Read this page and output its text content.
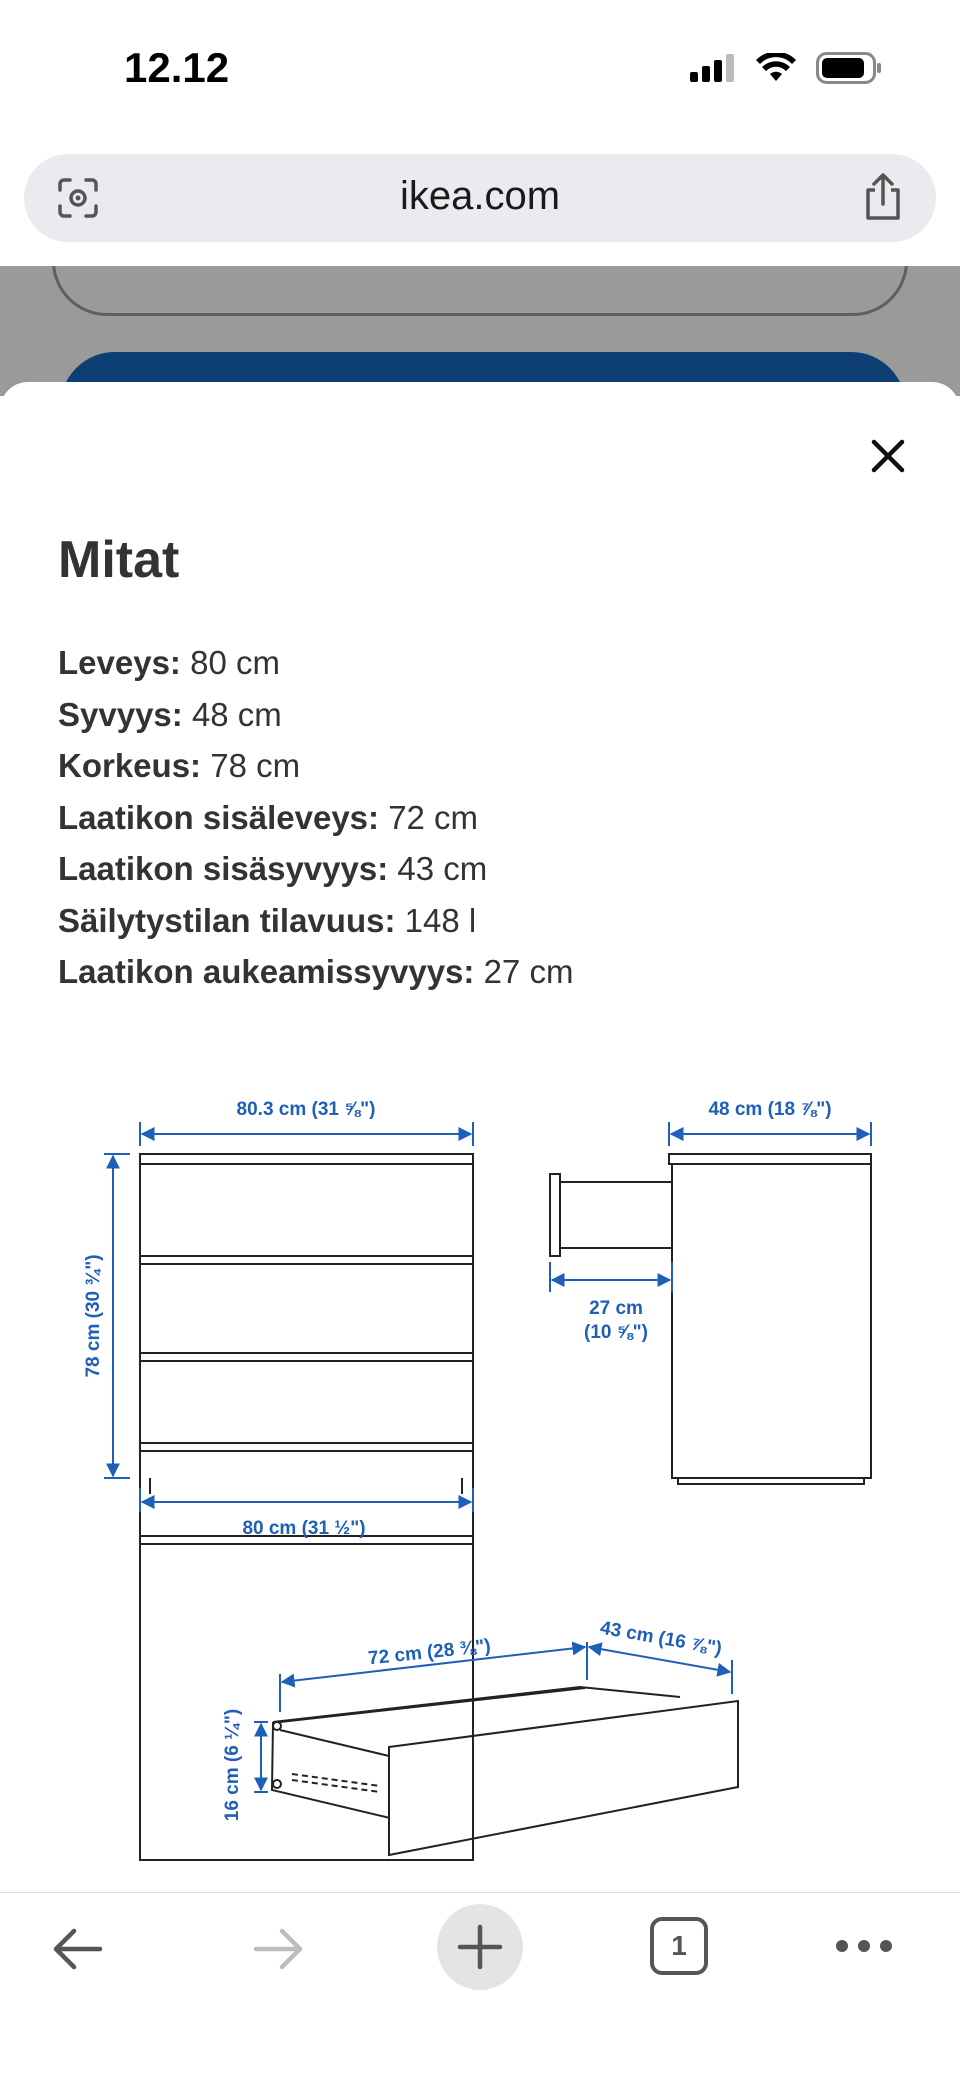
12.12
ikea.com
Mitat
Leveys: 80 cm
Syvyys: 48 cm
Korkeus: 78 cm
Laatikon sisäleveys: 72 cm
Laatikon sisäsyvyys: 43 cm
Säilytystilan tilavuus: 148 l
Laatikon aukeamissyvyys: 27 cm
80.3 cm (31 ⅝")
78 cm (30 ¾")
80 cm (31 ½")
48 cm (18 ⅞")
27 cm
(10 ⅝")
72 cm (28 ⅜")	43 cm (16 ⅞")
16 cm (6 ¼")
1
